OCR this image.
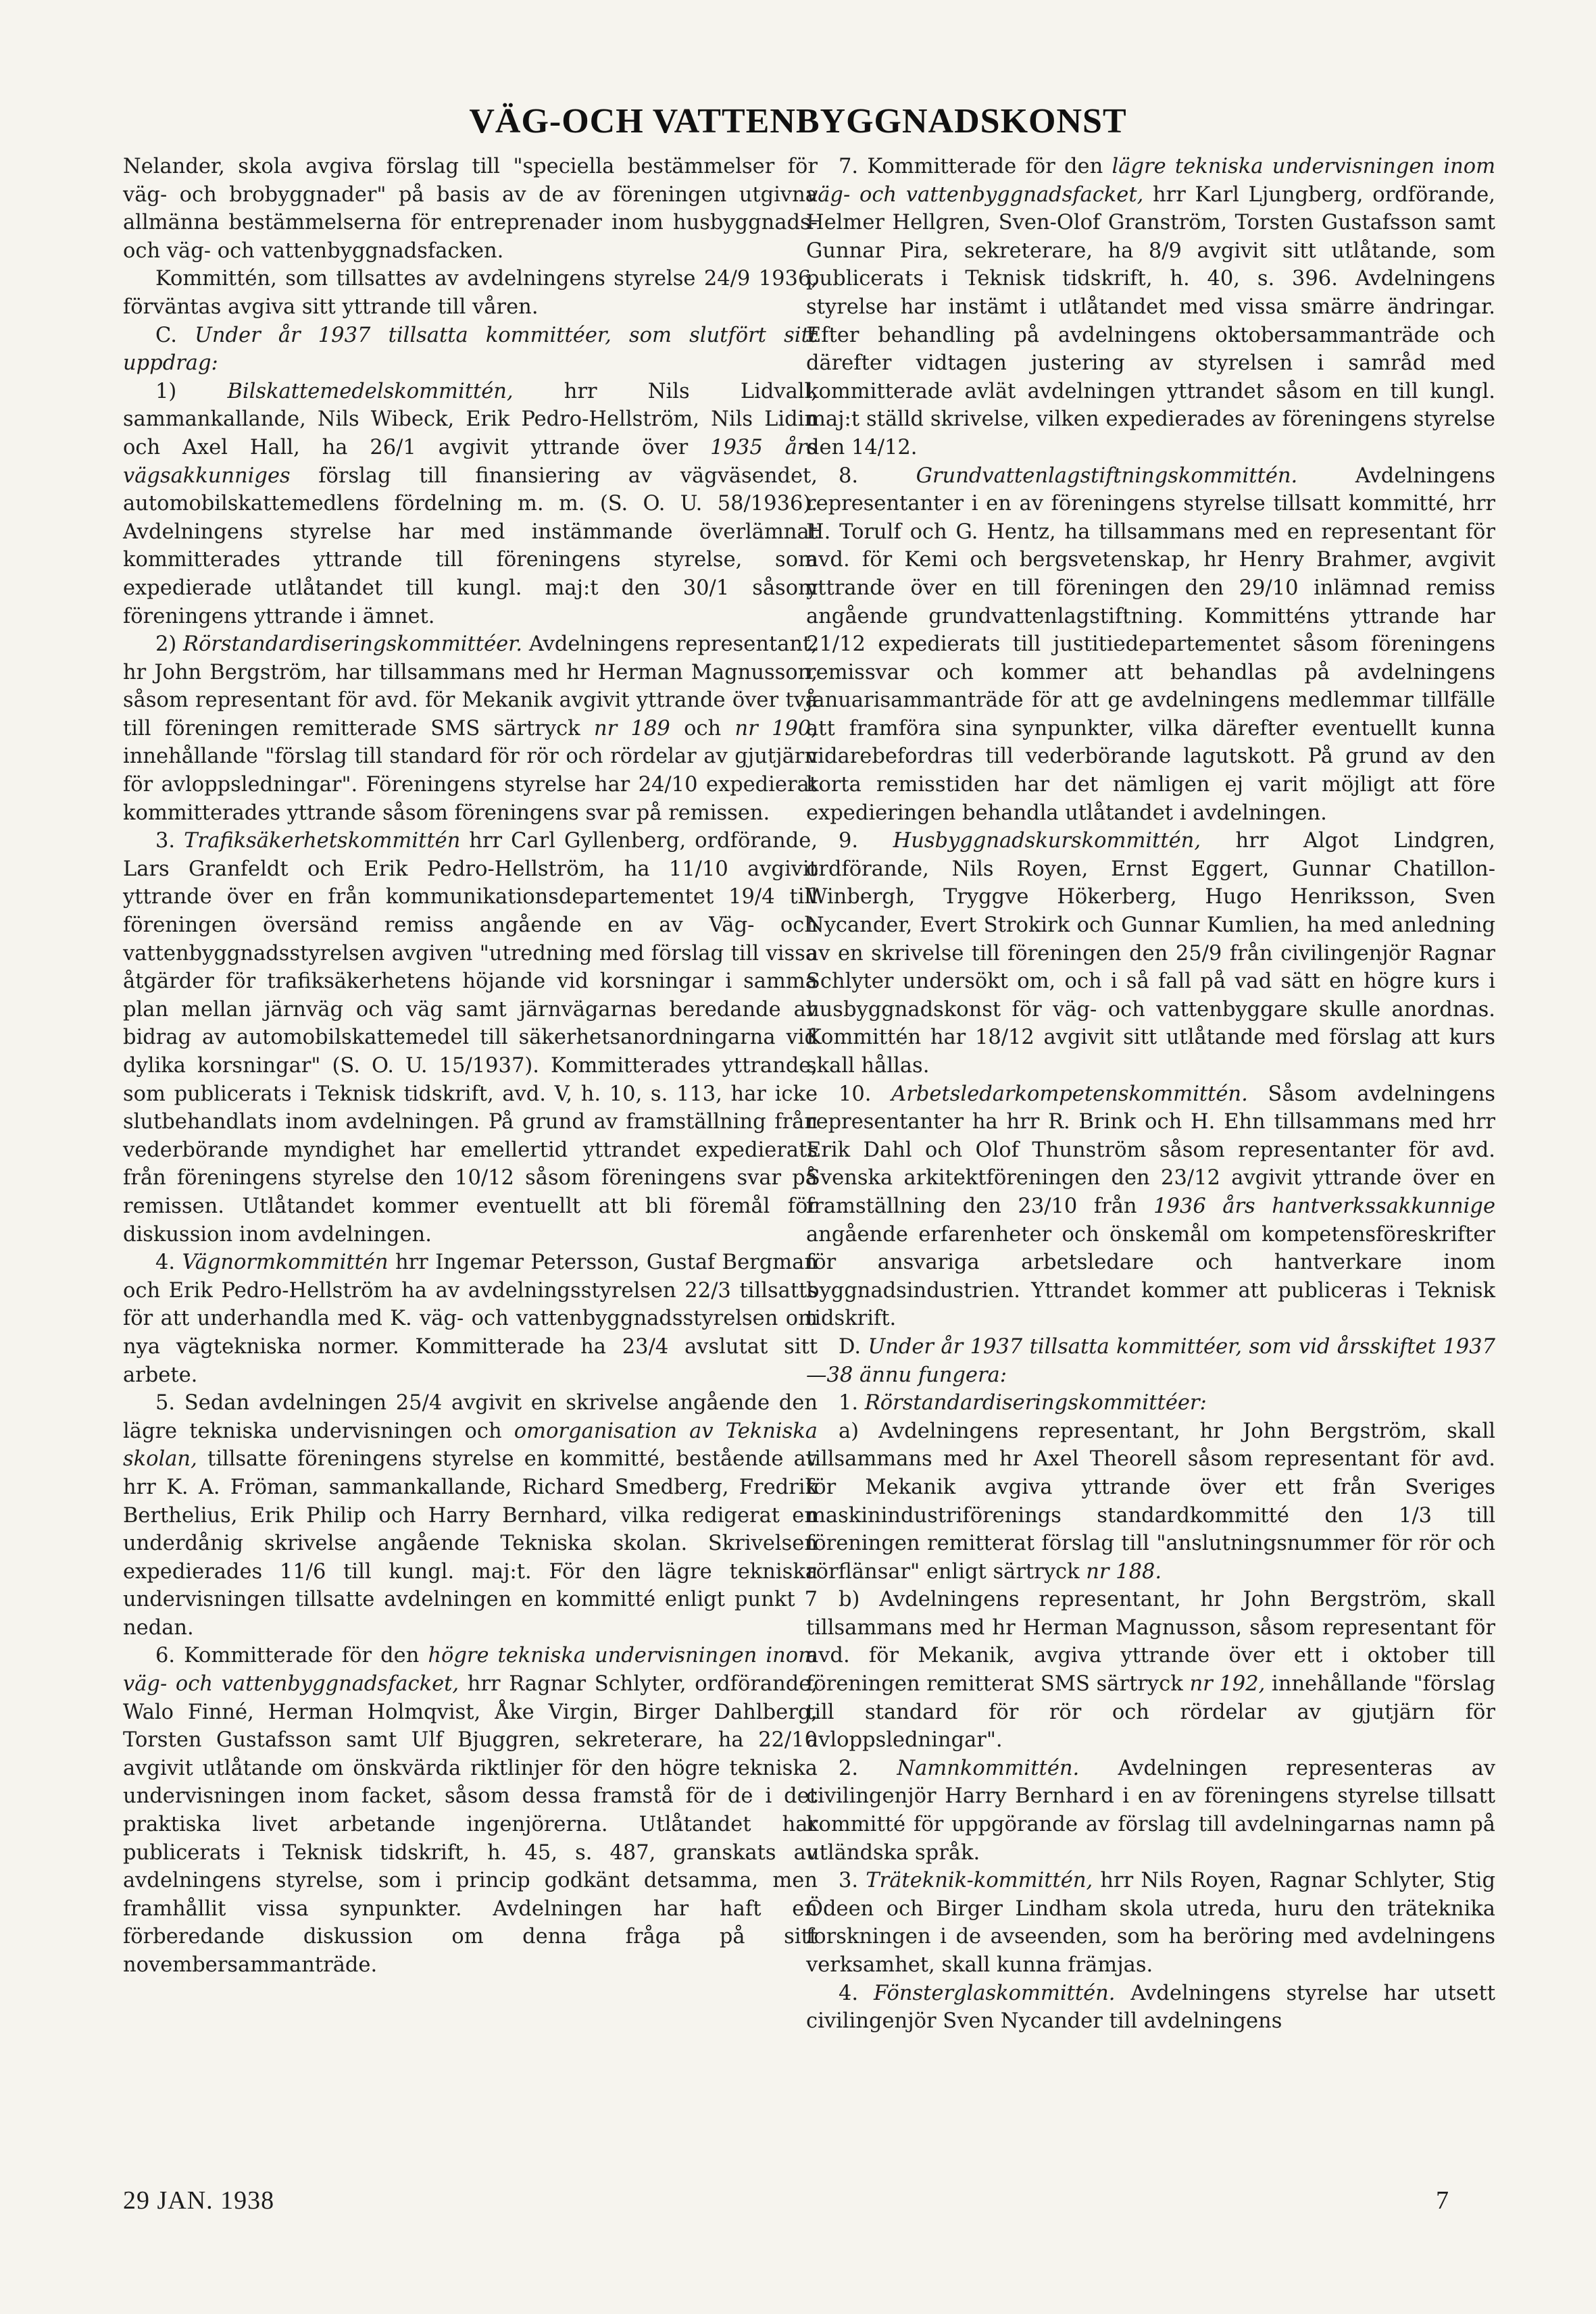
VÄG-OCH VATTENBYGGNADSKONST

Nelander, skola avgiva förslag till "speciella bestämmelser för väg- och brobyggnader" på basis av de av föreningen utgivna allmänna bestämmelserna för entreprenader inom husbyggnads- och väg- och vattenbyggnadsfacken.

Kommittén, som tillsattes av avdelningens styrelse 24/9 1936, förväntas avgiva sitt yttrande till våren.

C. Under år 1937 tillsatta kommittéer, som slutfört sitt uppdrag:

1) Bilskattemedelskommittén, hrr Nils Lidvall, sammankallande, Nils Wibeck, Erik Pedro-Hellström, Nils Lidin och Axel Hall, ha 26/1 avgivit yttrande över 1935 års vägsakkunniges förslag till finansiering av vägväsendet, automobilskattemedlens fördelning m. m. (S. O. U. 58/1936). Avdelningens styrelse har med instämmande överlämnat kommitterades yttrande till föreningens styrelse, som expedierade utlåtandet till kungl. maj:t den 30/1 såsom föreningens yttrande i ämnet.

2) Rörstandardiseringskommittéer. Avdelningens representant, hr John Bergström, har tillsammans med hr Herman Magnusson, såsom representant för avd. för Mekanik avgivit yttrande över två till föreningen remitterade SMS särtryck nr 189 och nr 190, innehållande "förslag till standard för rör och rördelar av gjutjärn för avloppsledningar". Föreningens styrelse har 24/10 expedierat kommitterades yttrande såsom föreningens svar på remissen.

3. Trafiksäkerhetskommittén hrr Carl Gyllenberg, ordförande, Lars Granfeldt och Erik Pedro-Hellström, ha 11/10 avgivit yttrande över en från kommunikationsdepartementet 19/4 till föreningen översänd remiss angående en av Väg- och vattenbyggnadsstyrelsen avgiven "utredning med förslag till vissa åtgärder för trafiksäkerhetens höjande vid korsningar i samma plan mellan järnväg och väg samt järnvägarnas beredande av bidrag av automobilskattemedel till säkerhetsanordningarna vid dylika korsningar" (S. O. U. 15/1937). Kommitterades yttrande, som publicerats i Teknisk tidskrift, avd. V, h. 10, s. 113, har icke slutbehandlats inom avdelningen. På grund av framställning från vederbörande myndighet har emellertid yttrandet expedierats från föreningens styrelse den 10/12 såsom föreningens svar på remissen. Utlåtandet kommer eventuellt att bli föremål för diskussion inom avdelningen.

4. Vägnormkommittén hrr Ingemar Petersson, Gustaf Bergman och Erik Pedro-Hellström ha av avdelningsstyrelsen 22/3 tillsatts för att underhandla med K. väg- och vattenbyggnadsstyrelsen om nya vägtekniska normer. Kommitterade ha 23/4 avslutat sitt arbete.

5. Sedan avdelningen 25/4 avgivit en skrivelse angående den lägre tekniska undervisningen och omorganisation av Tekniska skolan, tillsatte föreningens styrelse en kommitté, bestående av hrr K. A. Fröman, sammankallande, Richard Smedberg, Fredrik Berthelius, Erik Philip och Harry Bernhard, vilka redigerat en underdånig skrivelse angående Tekniska skolan. Skrivelsen expedierades 11/6 till kungl. maj:t. För den lägre tekniska undervisningen tillsatte avdelningen en kommitté enligt punkt 7 nedan.

6. Kommitterade för den högre tekniska undervisningen inom väg- och vattenbyggnadsfacket, hrr Ragnar Schlyter, ordförande, Walo Finné, Herman Holmqvist, Åke Virgin, Birger Dahlberg, Torsten Gustafsson samt Ulf Bjuggren, sekreterare, ha 22/10 avgivit utlåtande om önskvärda riktlinjer för den högre tekniska undervisningen inom facket, såsom dessa framstå för de i det praktiska livet arbetande ingenjörerna. Utlåtandet har publicerats i Teknisk tidskrift, h. 45, s. 487, granskats av avdelningens styrelse, som i princip godkänt detsamma, men framhållit vissa synpunkter. Avdelningen har haft en förberedande diskussion om denna fråga på sitt novembersammanträde.

7. Kommitterade för den lägre tekniska undervisningen inom väg- och vattenbyggnadsfacket, hrr Karl Ljungberg, ordförande, Helmer Hellgren, Sven-Olof Granström, Torsten Gustafsson samt Gunnar Pira, sekreterare, ha 8/9 avgivit sitt utlåtande, som publicerats i Teknisk tidskrift, h. 40, s. 396. Avdelningens styrelse har instämt i utlåtandet med vissa smärre ändringar. Efter behandling på avdelningens oktobersammanträde och därefter vidtagen justering av styrelsen i samråd med kommitterade avlät avdelningen yttrandet såsom en till kungl. maj:t ställd skrivelse, vilken expedierades av föreningens styrelse den 14/12.

8. Grundvattenlagstiftningskommittén. Avdelningens representanter i en av föreningens styrelse tillsatt kommitté, hrr H. Torulf och G. Hentz, ha tillsammans med en representant för avd. för Kemi och bergsvetenskap, hr Henry Brahmer, avgivit yttrande över en till föreningen den 29/10 inlämnad remiss angående grundvattenlagstiftning. Kommitténs yttrande har 21/12 expedierats till justitiedepartementet såsom föreningens remissvar och kommer att behandlas på avdelningens januarisammanträde för att ge avdelningens medlemmar tillfälle att framföra sina synpunkter, vilka därefter eventuellt kunna vidarebefordras till vederbörande lagutskott. På grund av den korta remisstiden har det nämligen ej varit möjligt att före expedieringen behandla utlåtandet i avdelningen.

9. Husbyggnadskurskommittén, hrr Algot Lindgren, ordförande, Nils Royen, Ernst Eggert, Gunnar Chatillon-Winbergh, Tryggve Hökerberg, Hugo Henriksson, Sven Nycander, Evert Strokirk och Gunnar Kumlien, ha med anledning av en skrivelse till föreningen den 25/9 från civilingenjör Ragnar Schlyter undersökt om, och i så fall på vad sätt en högre kurs i husbyggnadskonst för väg- och vattenbyggare skulle anordnas. Kommittén har 18/12 avgivit sitt utlåtande med förslag att kurs skall hållas.

10. Arbetsledarkompetenskommittén. Såsom avdelningens representanter ha hrr R. Brink och H. Ehn tillsammans med hrr Erik Dahl och Olof Thunström såsom representanter för avd. Svenska arkitektföreningen den 23/12 avgivit yttrande över en framställning den 23/10 från 1936 års hantverkssakkunnige angående erfarenheter och önskemål om kompetensföreskrifter för ansvariga arbetsledare och hantverkare inom byggnadsindustrien. Yttrandet kommer att publiceras i Teknisk tidskrift.

D. Under år 1937 tillsatta kommittéer, som vid årsskiftet 1937—38 ännu fungera:

1. Rörstandardiseringskommittéer:

a) Avdelningens representant, hr John Bergström, skall tillsammans med hr Axel Theorell såsom representant för avd. för Mekanik avgiva yttrande över ett från Sveriges maskinindustriförenings standardkommitté den 1/3 till föreningen remitterat förslag till "anslutningsnummer för rör och rörflänsar" enligt särtryck nr 188.

b) Avdelningens representant, hr John Bergström, skall tillsammans med hr Herman Magnusson, såsom representant för avd. för Mekanik, avgiva yttrande över ett i oktober till föreningen remitterat SMS särtryck nr 192, innehållande "förslag till standard för rör och rördelar av gjutjärn för avloppsledningar".

2. Namnkommittén. Avdelningen representeras av civilingenjör Harry Bernhard i en av föreningens styrelse tillsatt kommitté för uppgörande av förslag till avdelningarnas namn på utländska språk.

3. Träteknik-kommittén, hrr Nils Royen, Ragnar Schlyter, Stig Ödeen och Birger Lindham skola utreda, huru den träteknika forskningen i de avseenden, som ha beröring med avdelningens verksamhet, skall kunna främjas.

4. Fönsterglaskommittén. Avdelningens styrelse har utsett civilingenjör Sven Nycander till avdelningens

29 JAN. 1938	7
